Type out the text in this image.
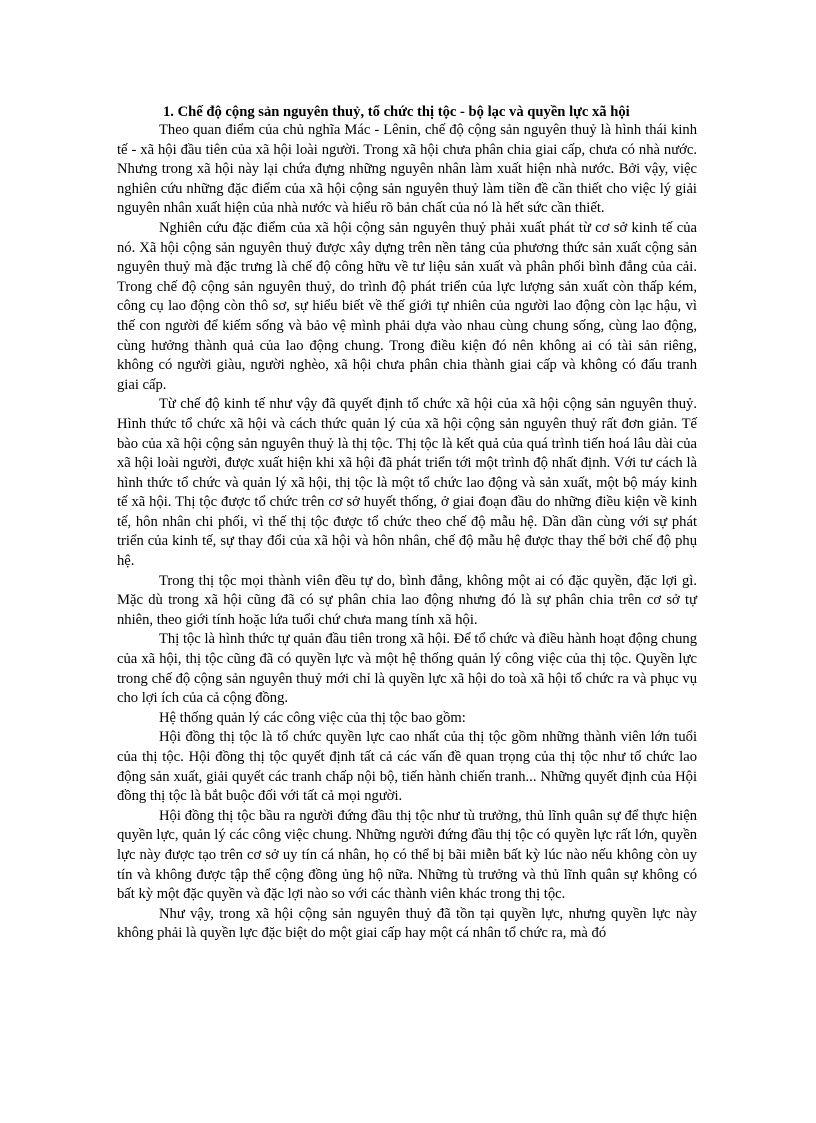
1. Chế độ cộng sản nguyên thuỷ, tổ chức thị tộc - bộ lạc và quyền lực xã hội

Theo quan điểm của chủ nghĩa Mác - Lênin, chế độ cộng sản nguyên thuỷ là hình thái kinh tế - xã hội đầu tiên của xã hội loài người. Trong xã hội chưa phân chia giai cấp, chưa có nhà nước. Nhưng trong xã hội này lại chứa đựng những nguyên nhân làm xuất hiện nhà nước. Bởi vậy, việc nghiên cứu những đặc điểm của xã hội cộng sản nguyên thuỷ làm tiền đề cần thiết cho việc lý giải nguyên nhân xuất hiện của nhà nước và hiểu rõ bản chất của nó là hết sức cần thiết.

Nghiên cứu đặc điểm của xã hội cộng sản nguyên thuỷ phải xuất phát từ cơ sở kinh tế của nó. Xã hội cộng sản nguyên thuỷ được xây dựng trên nền tảng của phương thức sản xuất cộng sản nguyên thuỷ mà đặc trưng là chế độ công hữu về tư liệu sản xuất và phân phối bình đẳng của cải. Trong chế độ cộng sản nguyên thuỷ, do trình độ phát triển của lực lượng sản xuất còn thấp kém, công cụ lao động còn thô sơ, sự hiểu biết về thế giới tự nhiên của người lao động còn lạc hậu, vì thế con người để kiếm sống và bảo vệ mình phải dựa vào nhau cùng chung sống, cùng lao động, cùng hưởng thành quả của lao động chung. Trong điều kiện đó nên không ai có tài sản riêng, không có người giàu, người nghèo, xã hội chưa phân chia thành giai cấp và không có đấu tranh giai cấp.

Từ chế độ kinh tế như vậy đã quyết định tổ chức xã hội của xã hội cộng sản nguyên thuỷ. Hình thức tổ chức xã hội và cách thức quản lý của xã hội cộng sản nguyên thuỷ rất đơn giản. Tế bào của xã hội cộng sản nguyên thuỷ là thị tộc. Thị tộc là kết quả của quá trình tiến hoá lâu dài của xã hội loài người, được xuất hiện khi xã hội đã phát triển tới một trình độ nhất định. Với tư cách là hình thức tổ chức và quản lý xã hội, thị tộc là một tổ chức lao động và sản xuất, một bộ máy kinh tế xã hội. Thị tộc được tổ chức trên cơ sở huyết thống, ở giai đoạn đầu do những điều kiện về kinh tế, hôn nhân chi phối, vì thế thị tộc được tổ chức theo chế độ mẫu hệ. Dần dần cùng với sự phát triển của kinh tế, sự thay đổi của xã hội và hôn nhân, chế độ mẫu hệ được thay thế bởi chế độ phụ hệ.

Trong thị tộc mọi thành viên đều tự do, bình đẳng, không một ai có đặc quyền, đặc lợi gì. Mặc dù trong xã hội cũng đã có sự phân chia lao động nhưng đó là sự phân chia trên cơ sở tự nhiên, theo giới tính hoặc lứa tuổi chứ chưa mang tính xã hội.

Thị tộc là hình thức tự quản đầu tiên trong xã hội. Để tổ chức và điều hành hoạt động chung của xã hội, thị tộc cũng đã có quyền lực và một hệ thống quản lý công việc của thị tộc. Quyền lực trong chế độ cộng sản nguyên thuỷ mới chỉ là quyền lực xã hội do toà xã hội tổ chức ra và phục vụ cho lợi ích của cả cộng đồng.

Hệ thống quản lý các công việc của thị tộc bao gồm:

Hội đồng thị tộc là tổ chức quyền lực cao nhất của thị tộc gồm những thành viên lớn tuổi của thị tộc. Hội đồng thị tộc quyết định tất cả các vấn đề quan trọng của thị tộc như tổ chức lao động sản xuất, giải quyết các tranh chấp nội bộ, tiến hành chiến tranh... Những quyết định của Hội đồng thị tộc là bắt buộc đối với tất cả mọi người.

Hội đồng thị tộc bầu ra người đứng đầu thị tộc như tù trưởng, thủ lĩnh quân sự để thực hiện quyền lực, quản lý các công việc chung. Những người đứng đầu thị tộc có quyền lực rất lớn, quyền lực này được tạo trên cơ sở uy tín cá nhân, họ có thể bị bãi miễn bất kỳ lúc nào nếu không còn uy tín và không được tập thể cộng đồng ủng hộ nữa. Những tù trưởng và thủ lĩnh quân sự không có bất kỳ một đặc quyền và đặc lợi nào so với các thành viên khác trong thị tộc.

Như vậy, trong xã hội cộng sản nguyên thuỷ đã tồn tại quyền lực, nhưng quyền lực này không phải là quyền lực đặc biệt do một giai cấp hay một cá nhân tổ chức ra, mà đó
